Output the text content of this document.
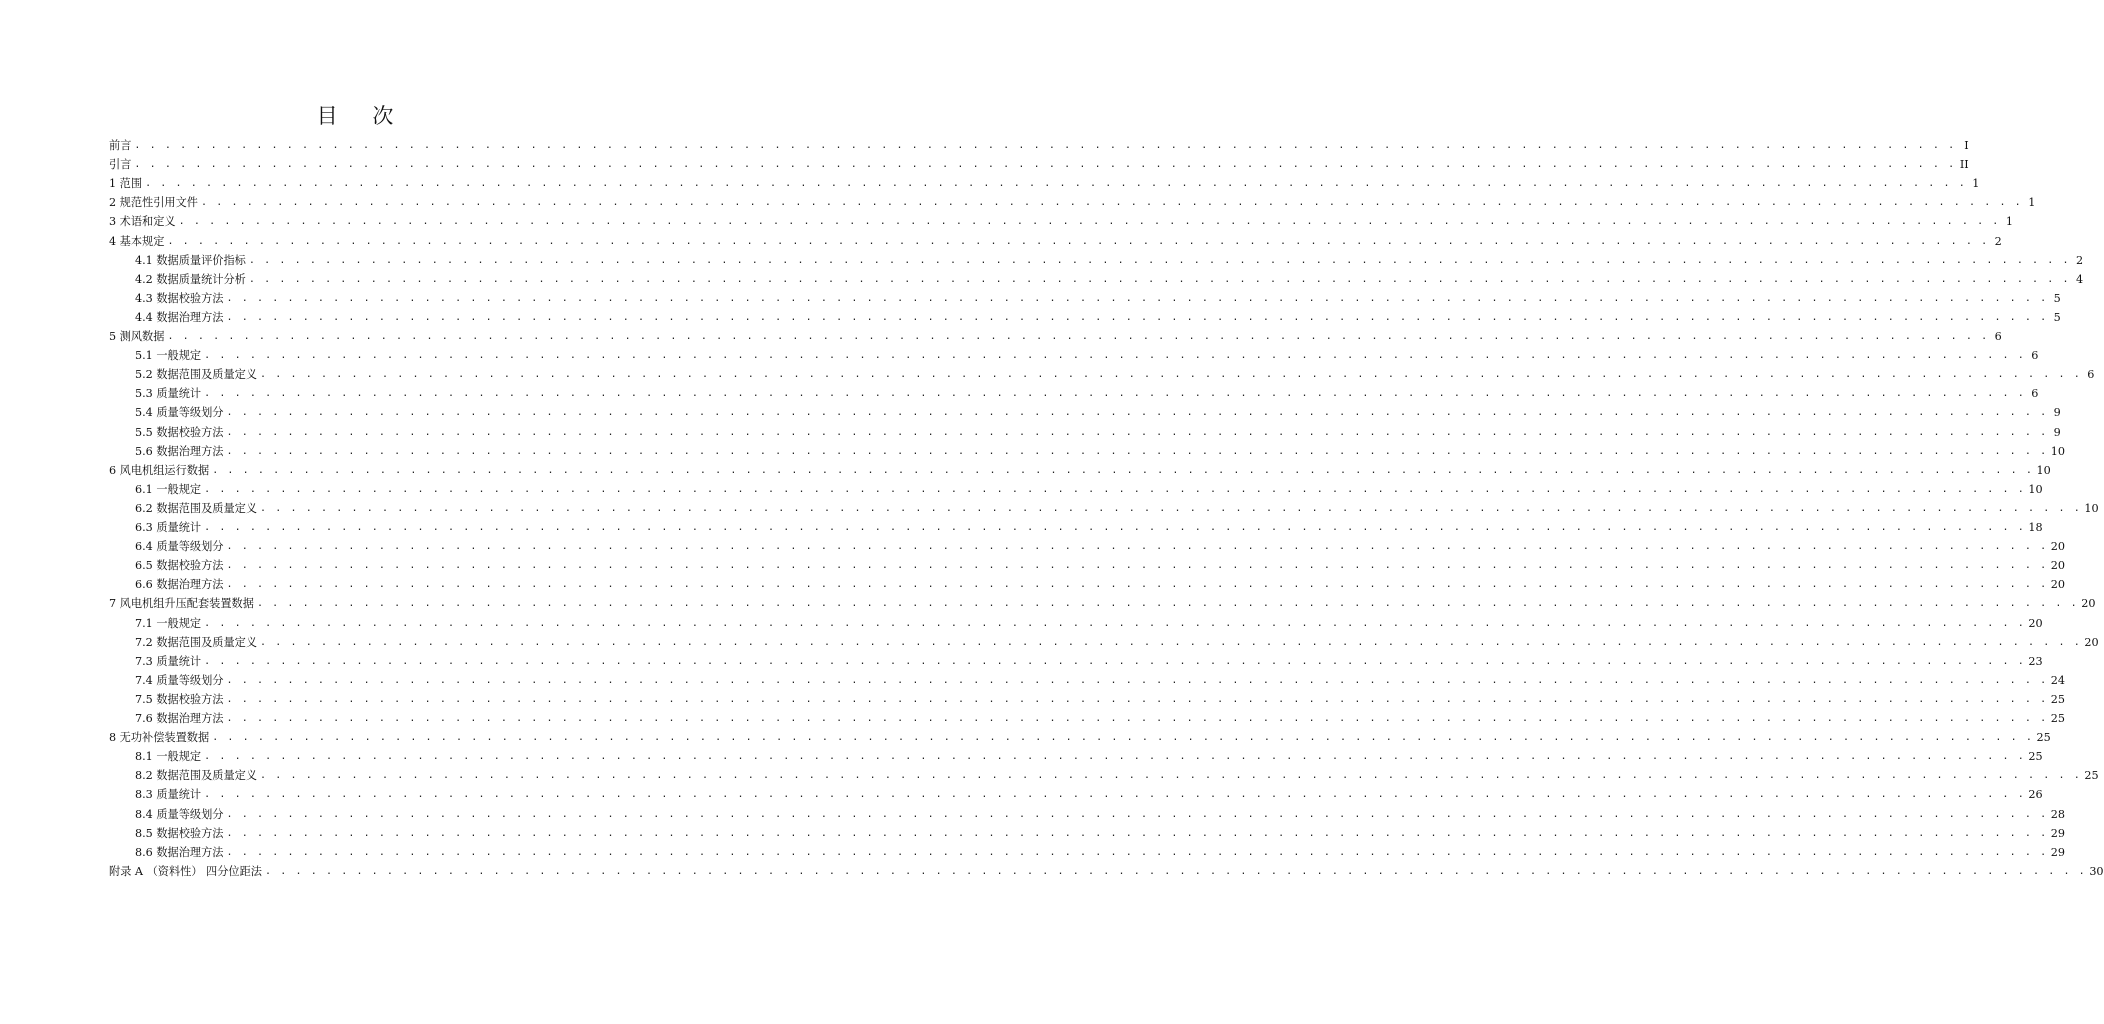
目 次
前言 . . . . . . . . . . . . . . . . . . . . . . . . . . . . . . . . . . . . . . . . . . . . . . . . . . . . . . . . . . . . . . . . . . . . . . . . . . . . . . . . . . . . . . . . . . . . . . . . . . . . . . . . . . . . . . . . . . . . . . . . I
引言 . . . . . . . . . . . . . . . . . . . . . . . . . . . . . . . . . . . . . . . . . . . . . . . . . . . . . . . . . . . . . . . . . . . . . . . . . . . . . . . . . . . . . . . . . . . . . . . . . . . . . . . . . . . . . . . . . . . . . . . . II
1 范围 . . . . . . . . . . . . . . . . . . . . . . . . . . . . . . . . . . . . . . . . . . . . . . . . . . . . . . . . . . . . . . . . . . . . . . . . . . . . . . . . . . . . . . . . . . . . . . . . . . . . . . . . . . . . . . . . . . . . . . . . 1
2 规范性引用文件 . . . . . . . . . . . . . . . . . . . . . . . . . . . . . . . . . . . . . . . . . . . . . . . . . . . . . . . . . . . . . . . . . . . . . . . . . . . . . . . . . . . . . . . . . . . . . . . . . . . . . . . . . . . . . . . . . . . . . . . . 1
3 术语和定义 . . . . . . . . . . . . . . . . . . . . . . . . . . . . . . . . . . . . . . . . . . . . . . . . . . . . . . . . . . . . . . . . . . . . . . . . . . . . . . . . . . . . . . . . . . . . . . . . . . . . . . . . . . . . . . . . . . . . . . . . 1
4 基本规定 . . . . . . . . . . . . . . . . . . . . . . . . . . . . . . . . . . . . . . . . . . . . . . . . . . . . . . . . . . . . . . . . . . . . . . . . . . . . . . . . . . . . . . . . . . . . . . . . . . . . . . . . . . . . . . . . . . . . . . . . 2
4.1 数据质量评价指标 . . . . . . . . . . . . . . . . . . . . . . . . . . . . . . . . . . . . . . . . . . . . . . . . . . . . . . . . . . . . . . . . . . . . . . . . . . . . . . . . . . . . . . . . . . . . . . . . . . . . . . . . . . . . . . . . . . . . . . . . 2
4.2 数据质量统计分析 . . . . . . . . . . . . . . . . . . . . . . . . . . . . . . . . . . . . . . . . . . . . . . . . . . . . . . . . . . . . . . . . . . . . . . . . . . . . . . . . . . . . . . . . . . . . . . . . . . . . . . . . . . . . . . . . . . . . . . . . 4
4.3 数据校验方法 . . . . . . . . . . . . . . . . . . . . . . . . . . . . . . . . . . . . . . . . . . . . . . . . . . . . . . . . . . . . . . . . . . . . . . . . . . . . . . . . . . . . . . . . . . . . . . . . . . . . . . . . . . . . . . . . . . . . . . . . 5
4.4 数据治理方法 . . . . . . . . . . . . . . . . . . . . . . . . . . . . . . . . . . . . . . . . . . . . . . . . . . . . . . . . . . . . . . . . . . . . . . . . . . . . . . . . . . . . . . . . . . . . . . . . . . . . . . . . . . . . . . . . . . . . . . . . 5
5 测风数据 . . . . . . . . . . . . . . . . . . . . . . . . . . . . . . . . . . . . . . . . . . . . . . . . . . . . . . . . . . . . . . . . . . . . . . . . . . . . . . . . . . . . . . . . . . . . . . . . . . . . . . . . . . . . . . . . . . . . . . . . 6
5.1 一般规定 . . . . . . . . . . . . . . . . . . . . . . . . . . . . . . . . . . . . . . . . . . . . . . . . . . . . . . . . . . . . . . . . . . . . . . . . . . . . . . . . . . . . . . . . . . . . . . . . . . . . . . . . . . . . . . . . . . . . . . . . 6
5.2 数据范围及质量定义 . . . . . . . . . . . . . . . . . . . . . . . . . . . . . . . . . . . . . . . . . . . . . . . . . . . . . . . . . . . . . . . . . . . . . . . . . . . . . . . . . . . . . . . . . . . . . . . . . . . . . . . . . . . . . . . . . . . . . . . . 6
5.3 质量统计 . . . . . . . . . . . . . . . . . . . . . . . . . . . . . . . . . . . . . . . . . . . . . . . . . . . . . . . . . . . . . . . . . . . . . . . . . . . . . . . . . . . . . . . . . . . . . . . . . . . . . . . . . . . . . . . . . . . . . . . . 6
5.4 质量等级划分 . . . . . . . . . . . . . . . . . . . . . . . . . . . . . . . . . . . . . . . . . . . . . . . . . . . . . . . . . . . . . . . . . . . . . . . . . . . . . . . . . . . . . . . . . . . . . . . . . . . . . . . . . . . . . . . . . . . . . . . . 9
5.5 数据校验方法 . . . . . . . . . . . . . . . . . . . . . . . . . . . . . . . . . . . . . . . . . . . . . . . . . . . . . . . . . . . . . . . . . . . . . . . . . . . . . . . . . . . . . . . . . . . . . . . . . . . . . . . . . . . . . . . . . . . . . . . . 9
5.6 数据治理方法 . . . . . . . . . . . . . . . . . . . . . . . . . . . . . . . . . . . . . . . . . . . . . . . . . . . . . . . . . . . . . . . . . . . . . . . . . . . . . . . . . . . . . . . . . . . . . . . . . . . . . . . . . . . . . . . . . . . . . . . . 10
6 风电机组运行数据 . . . . . . . . . . . . . . . . . . . . . . . . . . . . . . . . . . . . . . . . . . . . . . . . . . . . . . . . . . . . . . . . . . . . . . . . . . . . . . . . . . . . . . . . . . . . . . . . . . . . . . . . . . . . . . . . . . . . . . . . 10
6.1 一般规定 . . . . . . . . . . . . . . . . . . . . . . . . . . . . . . . . . . . . . . . . . . . . . . . . . . . . . . . . . . . . . . . . . . . . . . . . . . . . . . . . . . . . . . . . . . . . . . . . . . . . . . . . . . . . . . . . . . . . . . . . 10
6.2 数据范围及质量定义 . . . . . . . . . . . . . . . . . . . . . . . . . . . . . . . . . . . . . . . . . . . . . . . . . . . . . . . . . . . . . . . . . . . . . . . . . . . . . . . . . . . . . . . . . . . . . . . . . . . . . . . . . . . . . . . . . . . . . . . . 10
6.3 质量统计 . . . . . . . . . . . . . . . . . . . . . . . . . . . . . . . . . . . . . . . . . . . . . . . . . . . . . . . . . . . . . . . . . . . . . . . . . . . . . . . . . . . . . . . . . . . . . . . . . . . . . . . . . . . . . . . . . . . . . . . . 18
6.4 质量等级划分 . . . . . . . . . . . . . . . . . . . . . . . . . . . . . . . . . . . . . . . . . . . . . . . . . . . . . . . . . . . . . . . . . . . . . . . . . . . . . . . . . . . . . . . . . . . . . . . . . . . . . . . . . . . . . . . . . . . . . . . . 20
6.5 数据校验方法 . . . . . . . . . . . . . . . . . . . . . . . . . . . . . . . . . . . . . . . . . . . . . . . . . . . . . . . . . . . . . . . . . . . . . . . . . . . . . . . . . . . . . . . . . . . . . . . . . . . . . . . . . . . . . . . . . . . . . . . . 20
6.6 数据治理方法 . . . . . . . . . . . . . . . . . . . . . . . . . . . . . . . . . . . . . . . . . . . . . . . . . . . . . . . . . . . . . . . . . . . . . . . . . . . . . . . . . . . . . . . . . . . . . . . . . . . . . . . . . . . . . . . . . . . . . . . . 20
7 风电机组升压配套装置数据 . . . . . . . . . . . . . . . . . . . . . . . . . . . . . . . . . . . . . . . . . . . . . . . . . . . . . . . . . . . . . . . . . . . . . . . . . . . . . . . . . . . . . . . . . . . . . . . . . . . . . . . . . . . . . . . . . . . . . . . . 20
7.1 一般规定 . . . . . . . . . . . . . . . . . . . . . . . . . . . . . . . . . . . . . . . . . . . . . . . . . . . . . . . . . . . . . . . . . . . . . . . . . . . . . . . . . . . . . . . . . . . . . . . . . . . . . . . . . . . . . . . . . . . . . . . . 20
7.2 数据范围及质量定义 . . . . . . . . . . . . . . . . . . . . . . . . . . . . . . . . . . . . . . . . . . . . . . . . . . . . . . . . . . . . . . . . . . . . . . . . . . . . . . . . . . . . . . . . . . . . . . . . . . . . . . . . . . . . . . . . . . . . . . . . 20
7.3 质量统计 . . . . . . . . . . . . . . . . . . . . . . . . . . . . . . . . . . . . . . . . . . . . . . . . . . . . . . . . . . . . . . . . . . . . . . . . . . . . . . . . . . . . . . . . . . . . . . . . . . . . . . . . . . . . . . . . . . . . . . . . 23
7.4 质量等级划分 . . . . . . . . . . . . . . . . . . . . . . . . . . . . . . . . . . . . . . . . . . . . . . . . . . . . . . . . . . . . . . . . . . . . . . . . . . . . . . . . . . . . . . . . . . . . . . . . . . . . . . . . . . . . . . . . . . . . . . . . 24
7.5 数据校验方法 . . . . . . . . . . . . . . . . . . . . . . . . . . . . . . . . . . . . . . . . . . . . . . . . . . . . . . . . . . . . . . . . . . . . . . . . . . . . . . . . . . . . . . . . . . . . . . . . . . . . . . . . . . . . . . . . . . . . . . . . 25
7.6 数据治理方法 . . . . . . . . . . . . . . . . . . . . . . . . . . . . . . . . . . . . . . . . . . . . . . . . . . . . . . . . . . . . . . . . . . . . . . . . . . . . . . . . . . . . . . . . . . . . . . . . . . . . . . . . . . . . . . . . . . . . . . . . 25
8 无功补偿装置数据 . . . . . . . . . . . . . . . . . . . . . . . . . . . . . . . . . . . . . . . . . . . . . . . . . . . . . . . . . . . . . . . . . . . . . . . . . . . . . . . . . . . . . . . . . . . . . . . . . . . . . . . . . . . . . . . . . . . . . . . . 25
8.1 一般规定 . . . . . . . . . . . . . . . . . . . . . . . . . . . . . . . . . . . . . . . . . . . . . . . . . . . . . . . . . . . . . . . . . . . . . . . . . . . . . . . . . . . . . . . . . . . . . . . . . . . . . . . . . . . . . . . . . . . . . . . . 25
8.2 数据范围及质量定义 . . . . . . . . . . . . . . . . . . . . . . . . . . . . . . . . . . . . . . . . . . . . . . . . . . . . . . . . . . . . . . . . . . . . . . . . . . . . . . . . . . . . . . . . . . . . . . . . . . . . . . . . . . . . . . . . . . . . . . . . 25
8.3 质量统计 . . . . . . . . . . . . . . . . . . . . . . . . . . . . . . . . . . . . . . . . . . . . . . . . . . . . . . . . . . . . . . . . . . . . . . . . . . . . . . . . . . . . . . . . . . . . . . . . . . . . . . . . . . . . . . . . . . . . . . . . 26
8.4 质量等级划分 . . . . . . . . . . . . . . . . . . . . . . . . . . . . . . . . . . . . . . . . . . . . . . . . . . . . . . . . . . . . . . . . . . . . . . . . . . . . . . . . . . . . . . . . . . . . . . . . . . . . . . . . . . . . . . . . . . . . . . . . 28
8.5 数据校验方法 . . . . . . . . . . . . . . . . . . . . . . . . . . . . . . . . . . . . . . . . . . . . . . . . . . . . . . . . . . . . . . . . . . . . . . . . . . . . . . . . . . . . . . . . . . . . . . . . . . . . . . . . . . . . . . . . . . . . . . . . 29
8.6 数据治理方法 . . . . . . . . . . . . . . . . . . . . . . . . . . . . . . . . . . . . . . . . . . . . . . . . . . . . . . . . . . . . . . . . . . . . . . . . . . . . . . . . . . . . . . . . . . . . . . . . . . . . . . . . . . . . . . . . . . . . . . . . 29
附录 A （资料性） 四分位距法 . . . . . . . . . . . . . . . . . . . . . . . . . . . . . . . . . . . . . . . . . . . . . . . . . . . . . . . . . . . . . . . . . . . . . . . . . . . . . . . . . . . . . . . . . . . . . . . . . . . . . . . . . . . . . . . . . . . . . . . . 30
